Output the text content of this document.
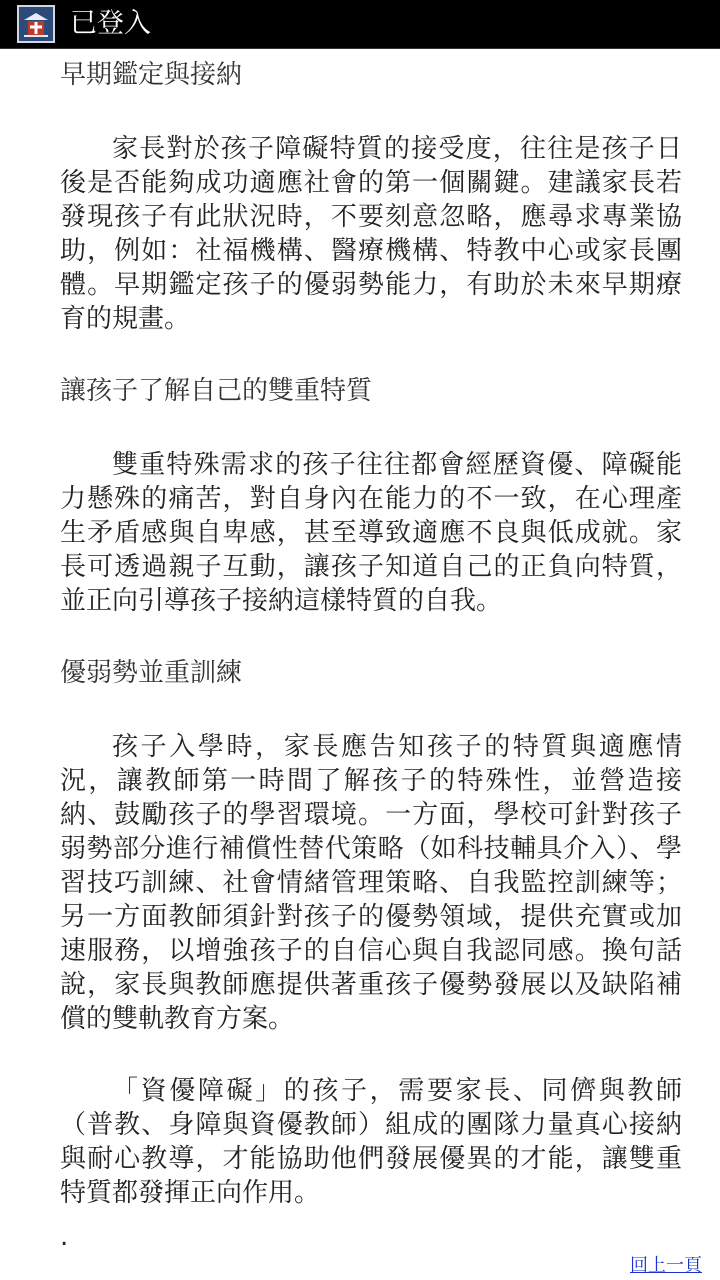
已登入
早期鑑定與接納

家長對於孩子障礙特質的接受度，往往是孩子日後是否能夠成功適應社會的第一個關鍵。建議家長若發現孩子有此狀況時，不要刻意忽略，應尋求專業協助，例如：社福機構、醫療機構、特教中心或家長團體。早期鑑定孩子的優弱勢能力，有助於未來早期療育的規畫。

讓孩子了解自己的雙重特質

雙重特殊需求的孩子往往都會經歷資優、障礙能力懸殊的痛苦，對自身內在能力的不一致，在心理產生矛盾感與自卑感，甚至導致適應不良與低成就。家長可透過親子互動，讓孩子知道自己的正負向特質，並正向引導孩子接納這樣特質的自我。

優弱勢並重訓練

孩子入學時，家長應告知孩子的特質與適應情況，讓教師第一時間了解孩子的特殊性，並營造接納、鼓勵孩子的學習環境。一方面，學校可針對孩子弱勢部分進行補償性替代策略（如科技輔具介入）、學習技巧訓練、社會情緒管理策略、自我監控訓練等；另一方面教師須針對孩子的優勢領域，提供充實或加速服務，以增強孩子的自信心與自我認同感。換句話說，家長與教師應提供著重孩子優勢發展以及缺陷補償的雙軌教育方案。

「資優障礙」的孩子，需要家長、同儕與教師（普教、身障與資優教師）組成的團隊力量真心接納與耐心教導，才能協助他們發展優異的才能，讓雙重特質都發揮正向作用。

.
回上一頁
